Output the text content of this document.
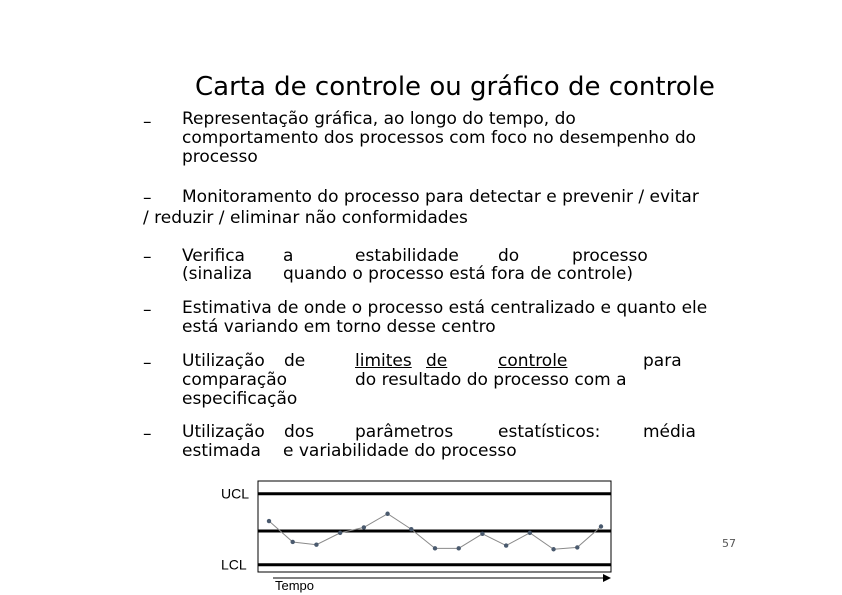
Carta de controle ou gráfico de controle
– Representação gráfica, ao longo do tempo, do
comportamento dos processos com foco no desempenho do
processo
– Monitoramento do processo para detectar e prevenir / evitar
/ reduzir / eliminar não conformidades
– Verifica a	estabilidade do	processo
(sinaliza quando o processo está fora de controle)
– Estimativa de onde o processo está centralizado e quanto ele
está variando em torno desse centro
– Utilização de	limites de	controle	para
comparação	do resultado do processo com a
especificação
– Utilização dos parâmetros	estatísticos:	média
estimada e variabilidade do processo
UCL
LCL
Tempo
57
